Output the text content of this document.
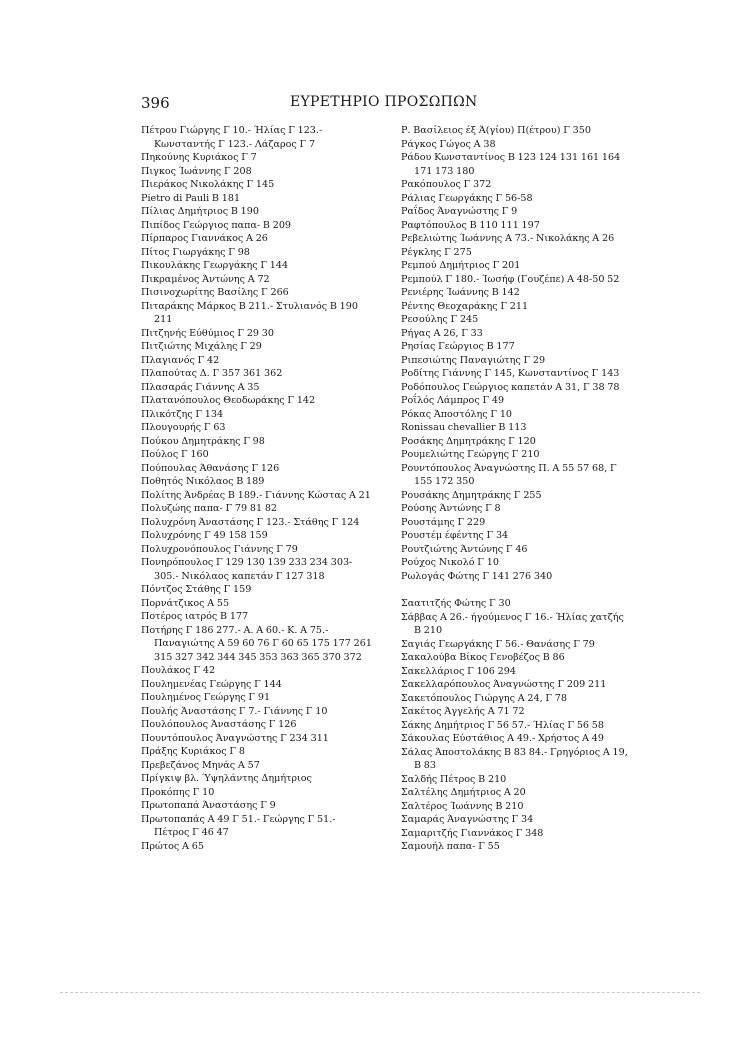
396	ΕΥΡΕΤΗΡΙΟ ΠΡΟΣΩΠΩΝ
Πέτρου Γιώργης Γ 10.- Ήλίας Γ 123.- Κωνσταντής Γ 123.- Λάζαρος Γ 7
Πηκούνης Κυριάκος Γ 7
Πιγκος Ίωάννης Γ 208
Πιεράκος Νικολάκης Γ 145
Pietro di Pauli B 181
Πίλιας Δημήτριος Β 190
Πιπίδος Γεώργιος παπα- Β 209
Πίρπαρος Γιαννάκος Α 26
Πίτος Γιωργάκης Γ 98
Πικουλάκης Γεωργάκης Γ 144
Πικραμένος Άντώνης Α 72
Πισινοχωρίτης Βασίλης Γ 266
Πιταράκης Μάρκος Β 211.- Στυλιανός Β 190 211
Πιτζηνής Εύθύμιος Γ 29 30
Πιτζιώτης Μιχάλης Γ 29
Πλαγιανός Γ 42
Πλαπούτας Δ. Γ 357 361 362
Πλασαράς Γιάννης Α 35
Πλατανόπουλος Θεοδωράκης Γ 142
Πλικότζης Γ 134
Πλουγουρής Γ 63
Πούκου Δημητράκης Γ 98
Πούλος Γ 160
Πούπουλας Άθανάσης Γ 126
Ποθητός Νικόλαος Β 189
Πολίτης Άνδρέας Β 189.- Γιάννης Κώστας Α 21
Πολυζώης παπα- Γ 79 81 82
Πολυχρόνη Άναστάσης Γ 123.- Στάθης Γ 124
Πολυχρόνης Γ 49 158 159
Πολυχρονόπουλος Γιάννης Γ 79
Πονηρόπουλος Γ 129 130 139 233 234 303-305.- Νικόλαος καπετάν Γ 127 318
Πόντζος Στάθης Γ 159
Πορνάτζικος Α 55
Ποτέρος ιατρός Β 177
Ποτήρης Γ 186 277.- Α. Α 60.- Κ. Α 75.- Παναγιώτης Α 59 60 76 Γ 60 65 175 177 261 315 327 342 344 345 353 363 365 370 372
Πουλάκος Γ 42
Πουλημενέας Γεώργης Γ 144
Πουλημένος Γεώργης Γ 91
Πουλής Άναστάσης Γ 7.- Γιάννης Γ 10
Πουλόπουλος Άναστάσης Γ 126
Πουντόπουλος Άναγνώστης Γ 234 311
Πράξης Κυριάκος Γ 8
Πρεβεζάνος Μηνάς Α 57
Πρίγκιψ βλ. Ύψηλάντης Δημήτριος
Προκόπης Γ 10
Πρωτοπαπά Άναστάσης Γ 9
Πρωτοπαπάς Α 49 Γ 51.- Γεώργης Γ 51.- Πέτρος Γ 46 47
Πρώτος Α 65
Ρ. Βασίλειος έξ Ά(γίου) Π(έτρου) Γ 350
Ράγκος Γώγος Α 38
Ράδου Κωνσταντίνος Β 123 124 131 161 164 171 173 180
Ρακόπουλος Γ 372
Ράλιας Γεωργάκης Γ 56-58
Ραΐδος Άναγνώστης Γ 9
Ραφτόπουλος Β 110 111 197
Ρεβελιώτης Ίωάννης Α 73.- Νικολάκης Α 26
Ρέγκλης Γ 275
Ρεμπού Δημήτριος Γ 201
Ρεμπούλ Γ 180.- Ίωσήφ (Γουζέπε) Α 48-50 52
Ρενιέρης Ίωάννης Β 142
Ρέντης Θεοχαράκης Γ 211
Ρεσούλης Γ 245
Ρήγας Α 26, Γ 33
Ρησίας Γεώργιος Β 177
Ριπεσιώτης Παναγιώτης Γ 29
Ροδίτης Γιάννης Γ 145, Κωνσταντίνος Γ 143
Ροδόπουλος Γεώργιος καπετάν Α 31, Γ 38 78
Ροΐλός Λάμπρος Γ 49
Ρόκας Άποστόλης Γ 10
Ronissau chevallier B 113
Ροσάκης Δημητράκης Γ 120
Ρουμελιώτης Γεώργης Γ 210
Ρουντόπουλος Άναγνώστης Π. Α 55 57 68, Γ 155 172 350
Ρουσάκης Δημητράκης Γ 255
Ρούσης Άντώνης Γ 8
Ρουστάμης Γ 229
Ρουστέμ έφέντης Γ 34
Ρουτζιώτης Άντώνης Γ 46
Ρούχος Νικολό Γ 10
Ρωλογάς Φώτης Γ 141 276 340
Σαατιτζής Φώτης Γ 30
Σάββας Α 26.- ήγούμενος Γ 16.- Ήλίας χατζής Β 210
Σαγιάς Γεωργάκης Γ 56.- Θανάσης Γ 79
Σακαλούβα Βίκος Γενοβέζος Β 86
Σακελλάριος Γ 106 294
Σακελλαρόπουλος Άναγνώστης Γ 209 211
Σακετόπουλος Γιώργης Α 24, Γ 78
Σακέτος Άγγελής Α 71 72
Σάκης Δημήτριος Γ 56 57.- Ήλίας Γ 56 58
Σάκουλας Εύστάθιος Α 49.- Χρήστος Α 49
Σάλας Άποστολάκης Β 83 84.- Γρηγόριος Α 19, Β 83
Σαλδής Πέτρος Β 210
Σαλτέλης Δημήτριος Α 20
Σαλτέρος Ίωάννης Β 210
Σαμαράς Άναγνώστης Γ 34
Σαμαριτζής Γιαννάκος Γ 348
Σαμουήλ παπα- Γ 55
